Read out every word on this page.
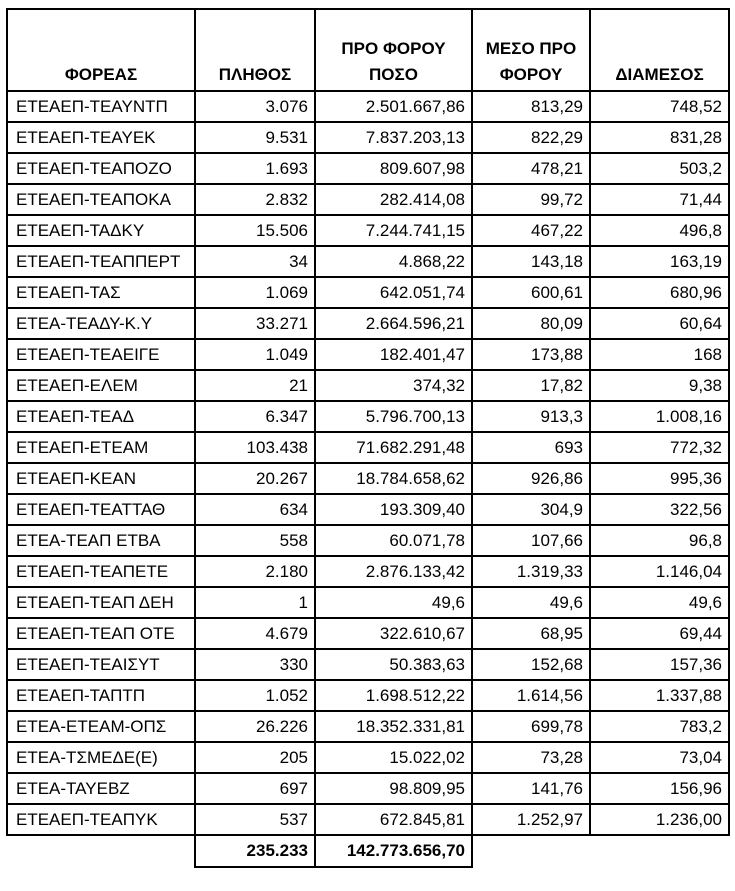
ΦΟΡΕΑΣ	ΠΛΗΘΟΣ	ΠΡΟ ΦΟΡΟΥ ΠΟΣΟ	ΜΕΣΟ ΠΡΟ ΦΟΡΟΥ	ΔΙΑΜΕΣΟΣ
ΕΤΕΑΕΠ-ΤΕΑΥΝΤΠ	3.076	2.501.667,86	813,29	748,52
ΕΤΕΑΕΠ-ΤΕΑΥΕΚ	9.531	7.837.203,13	822,29	831,28
ΕΤΕΑΕΠ-ΤΕΑΠΟΖΟ	1.693	809.607,98	478,21	503,2
ΕΤΕΑΕΠ-ΤΕΑΠΟΚΑ	2.832	282.414,08	99,72	71,44
ΕΤΕΑΕΠ-ΤΑΔΚΥ	15.506	7.244.741,15	467,22	496,8
ΕΤΕΑΕΠ-ΤΕΑΠΠΕΡΤ	34	4.868,22	143,18	163,19
ΕΤΕΑΕΠ-ΤΑΣ	1.069	642.051,74	600,61	680,96
ΕΤΕΑ-ΤΕΑΔΥ-Κ.Υ	33.271	2.664.596,21	80,09	60,64
ΕΤΕΑΕΠ-ΤΕΑΕΙΓΕ	1.049	182.401,47	173,88	168
ΕΤΕΑΕΠ-ΕΛΕΜ	21	374,32	17,82	9,38
ΕΤΕΑΕΠ-ΤΕΑΔ	6.347	5.796.700,13	913,3	1.008,16
ΕΤΕΑΕΠ-ΕΤΕΑΜ	103.438	71.682.291,48	693	772,32
ΕΤΕΑΕΠ-ΚΕΑΝ	20.267	18.784.658,62	926,86	995,36
ΕΤΕΑΕΠ-ΤΕΑΤΤΑΘ	634	193.309,40	304,9	322,56
ΕΤΕΑ-ΤΕΑΠ ΕΤΒΑ	558	60.071,78	107,66	96,8
ΕΤΕΑΕΠ-ΤΕΑΠΕΤΕ	2.180	2.876.133,42	1.319,33	1.146,04
ΕΤΕΑΕΠ-ΤΕΑΠ ΔΕΗ	1	49,6	49,6	49,6
ΕΤΕΑΕΠ-ΤΕΑΠ ΟΤΕ	4.679	322.610,67	68,95	69,44
ΕΤΕΑΕΠ-ΤΕΑΙΣΥΤ	330	50.383,63	152,68	157,36
ΕΤΕΑΕΠ-ΤΑΠΤΠ	1.052	1.698.512,22	1.614,56	1.337,88
ΕΤΕΑ-ΕΤΕΑΜ-ΟΠΣ	26.226	18.352.331,81	699,78	783,2
ΕΤΕΑ-ΤΣΜΕΔΕ(Ε)	205	15.022,02	73,28	73,04
ΕΤΕΑ-ΤΑΥΕΒΖ	697	98.809,95	141,76	156,96
ΕΤΕΑΕΠ-ΤΕΑΠΥΚ	537	672.845,81	1.252,97	1.236,00
	235.233	142.773.656,70		
